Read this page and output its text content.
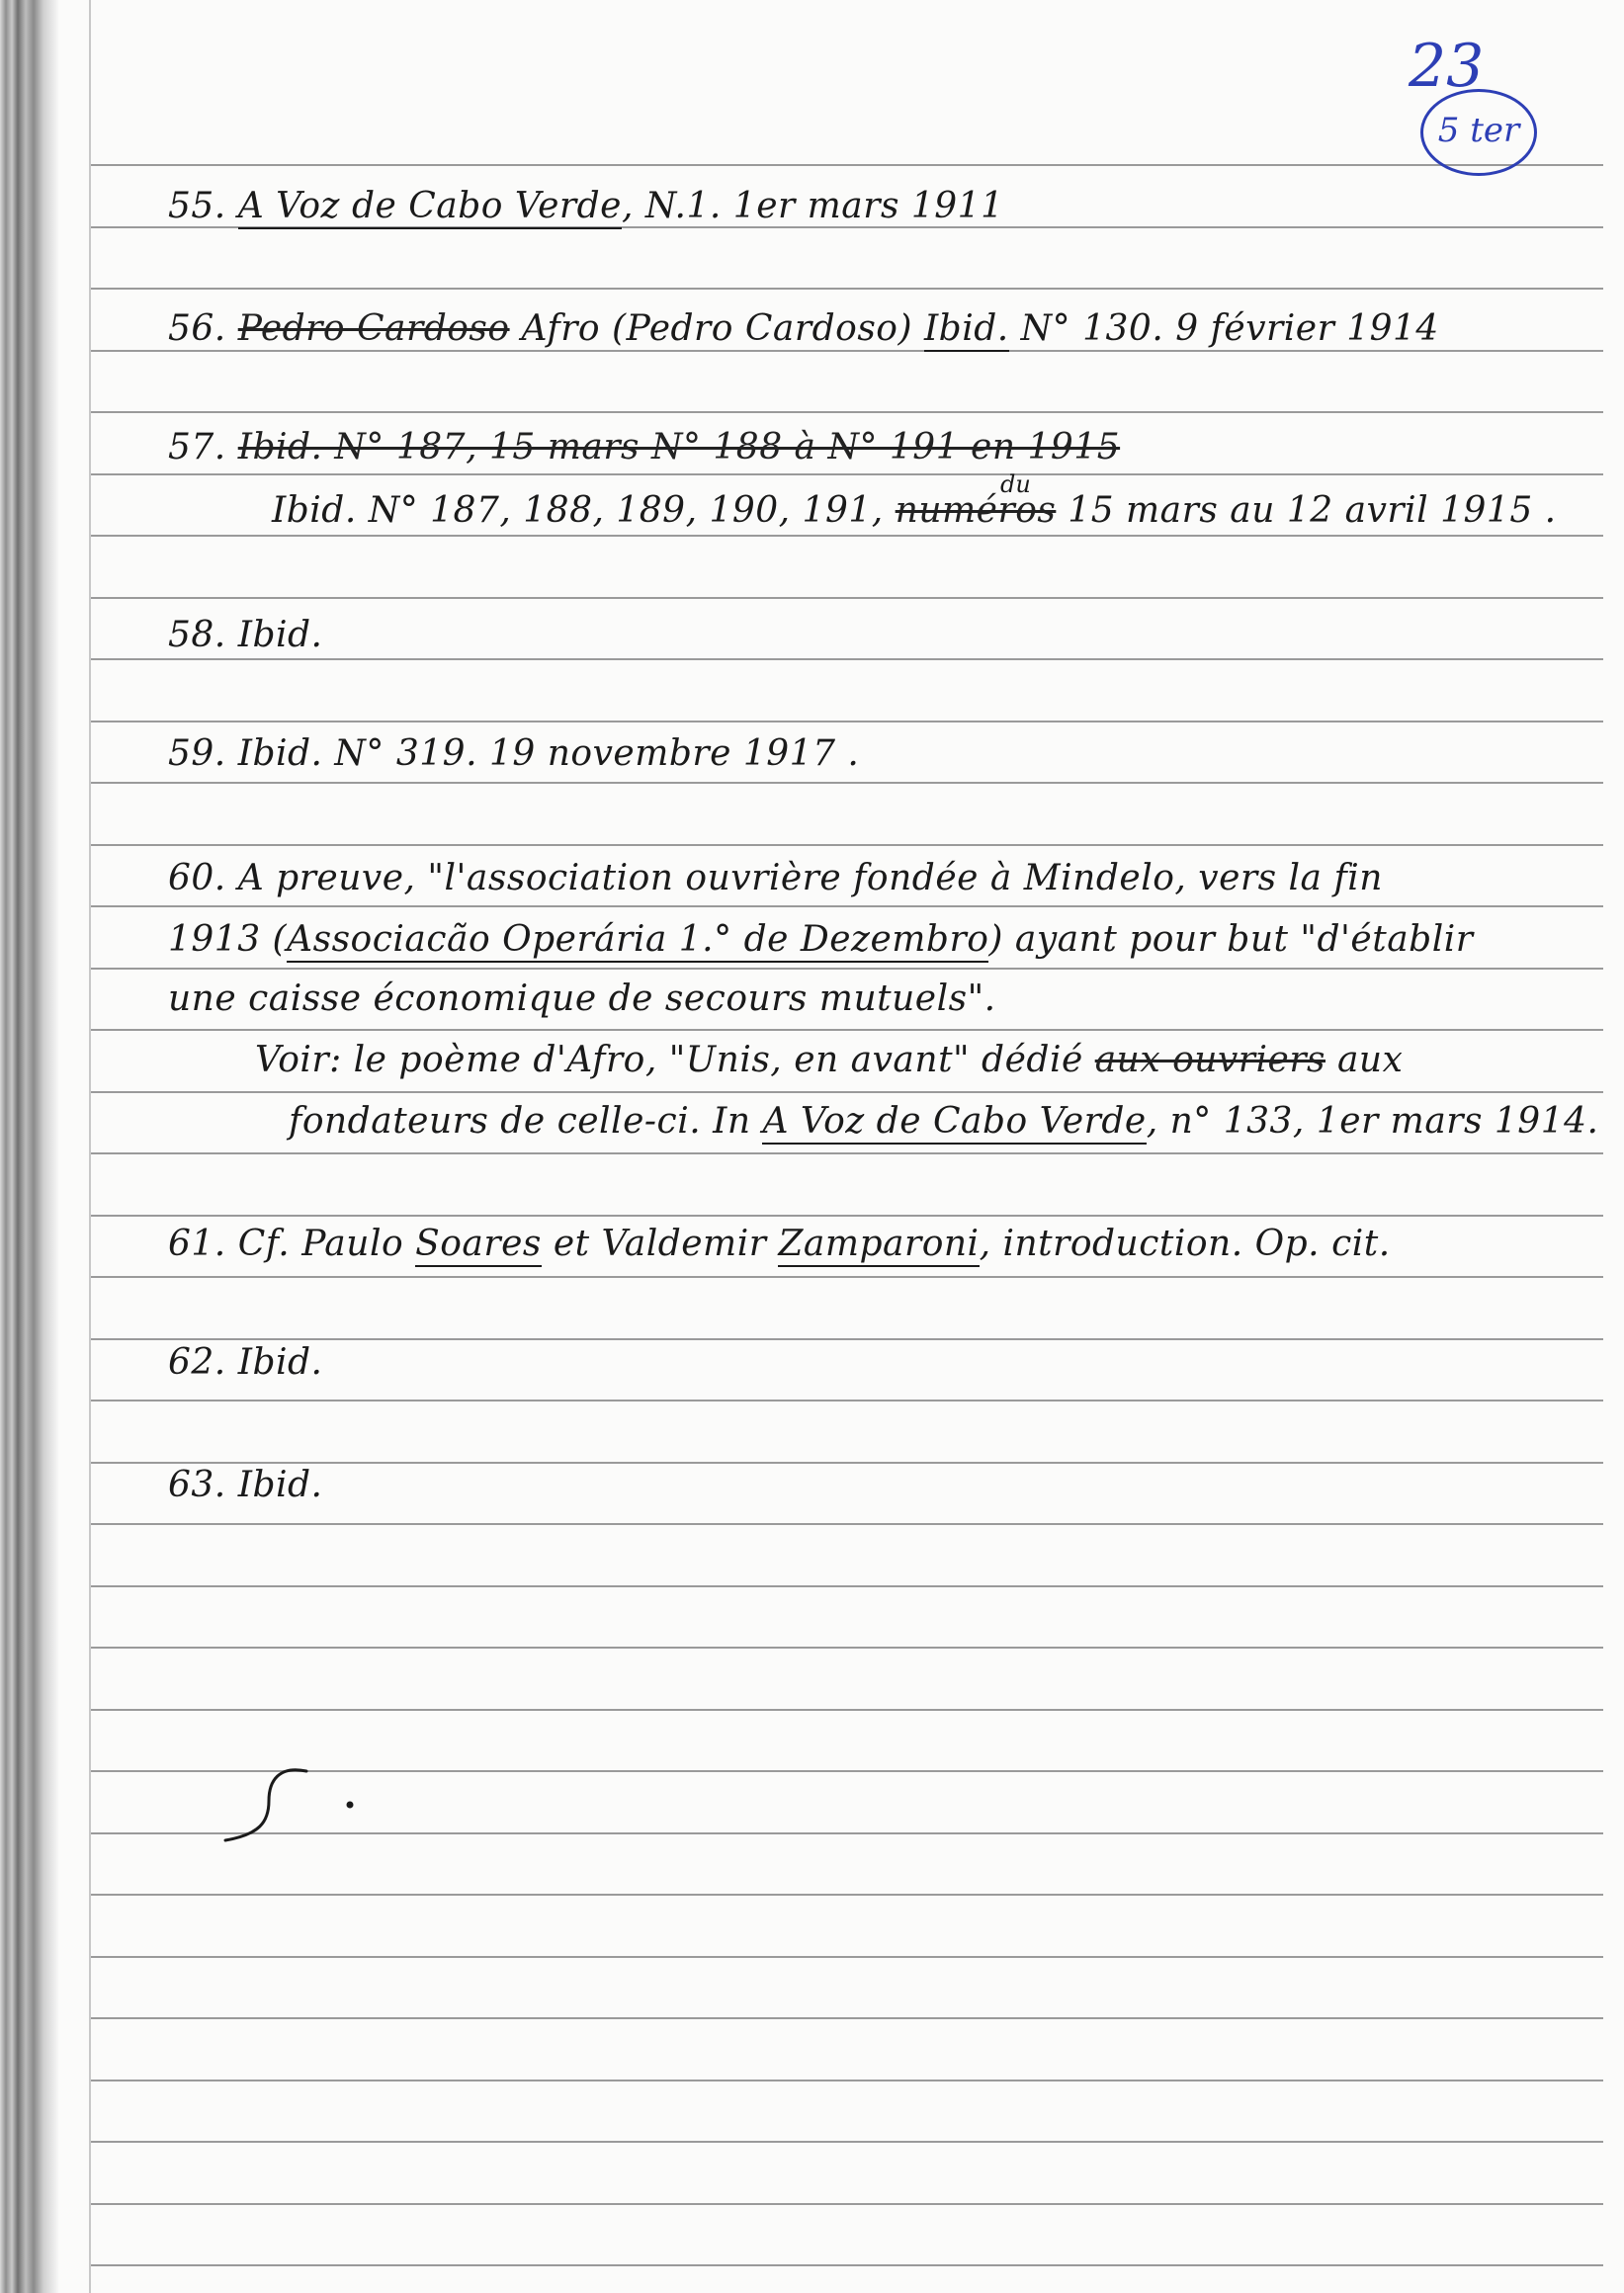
23
5 ter
55. A Voz de Cabo Verde, N.1. 1er mars 1911
56. Pedro Cardoso Afro (Pedro Cardoso) Ibid. N° 130. 9 février 1914
57. Ibid. N° 187, 15 mars N° 188 à N° 191 en 1915
Ibid. N° 187, 188, 189, 190, 191, numéros 15 mars au 12 avril 1915 .
du
58. Ibid.
59. Ibid. N° 319. 19 novembre 1917 .
60. A preuve, "l'association ouvrière fondée à Mindelo, vers la fin
1913 (Associacão Operária 1.° de Dezembro) ayant pour but "d'établir
une caisse économique de secours mutuels".
Voir: le poème d'Afro, "Unis, en avant" dédié aux ouvriers aux
fondateurs de celle-ci. In A Voz de Cabo Verde, n° 133, 1er mars 1914.
61. Cf. Paulo Soares et Valdemir Zamparoni, introduction. Op. cit.
62. Ibid.
63. Ibid.
